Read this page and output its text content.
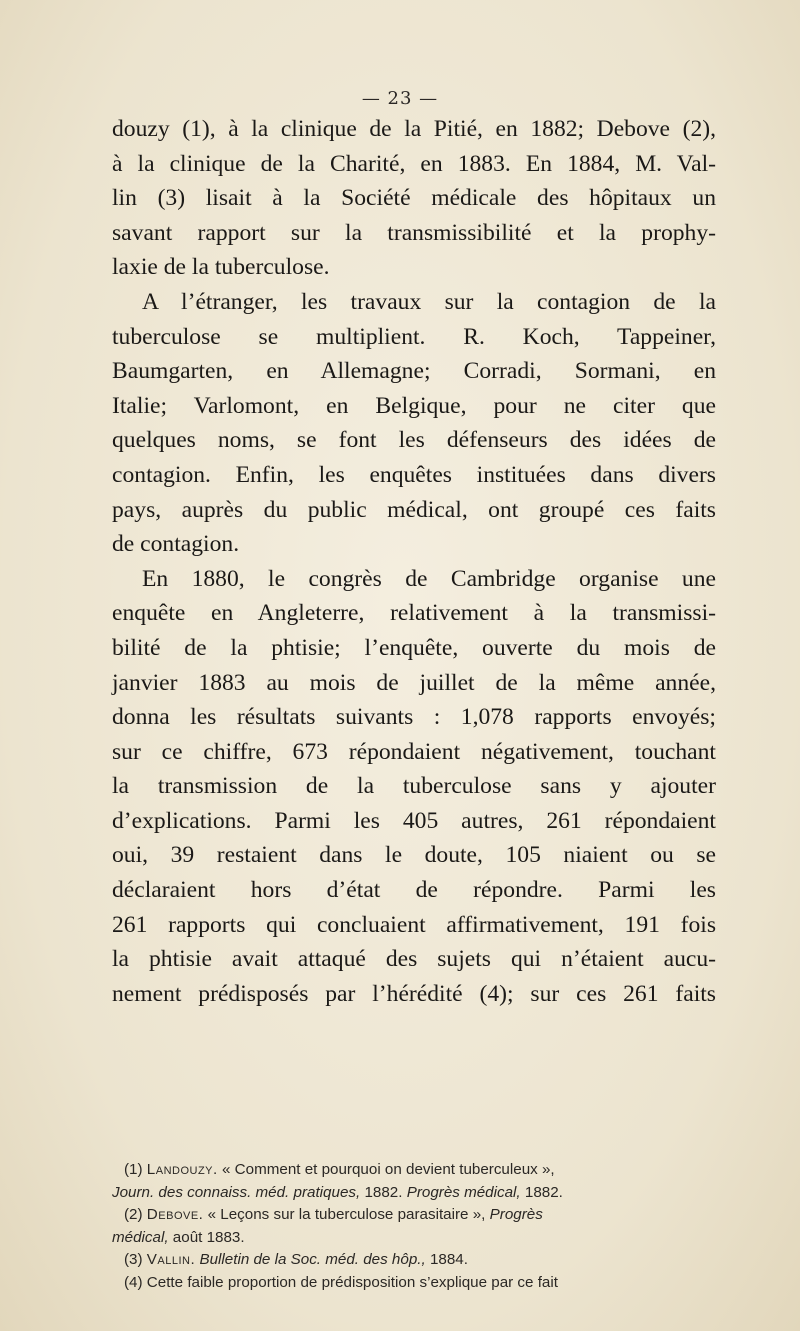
— 23 —

douzy (1), à la clinique de la Pitié, en 1882; Debove (2),
à la clinique de la Charité, en 1883. En 1884, M. Val-
lin (3) lisait à la Société médicale des hôpitaux un
savant rapport sur la transmissibilité et la prophy-
laxie de la tuberculose.

A l’étranger, les travaux sur la contagion de la
tuberculose se multiplient. R. Koch, Tappeiner,
Baumgarten, en Allemagne; Corradi, Sormani, en
Italie; Varlomont, en Belgique, pour ne citer que
quelques noms, se font les défenseurs des idées de
contagion. Enfin, les enquêtes instituées dans divers
pays, auprès du public médical, ont groupé ces faits
de contagion.

En 1880, le congrès de Cambridge organise une
enquête en Angleterre, relativement à la transmissi-
bilité de la phtisie; l’enquête, ouverte du mois de
janvier 1883 au mois de juillet de la même année,
donna les résultats suivants : 1,078 rapports envoyés;
sur ce chiffre, 673 répondaient négativement, touchant
la transmission de la tuberculose sans y ajouter
d’explications. Parmi les 405 autres, 261 répondaient
oui, 39 restaient dans le doute, 105 niaient ou se
déclaraient hors d’état de répondre. Parmi les
261 rapports qui concluaient affirmativement, 191 fois
la phtisie avait attaqué des sujets qui n’étaient aucu-
nement prédisposés par l’hérédité (4); sur ces 261 faits

(1) Landouzy. « Comment et pourquoi on devient tuberculeux »,
Journ. des connaiss. méd. pratiques, 1882. Progrès médical, 1882.
(2) Debove. « Leçons sur la tuberculose parasitaire », Progrès
médical, août 1883.
(3) Vallin. Bulletin de la Soc. méd. des hôp., 1884.
(4) Cette faible proportion de prédisposition s’explique par ce fait
